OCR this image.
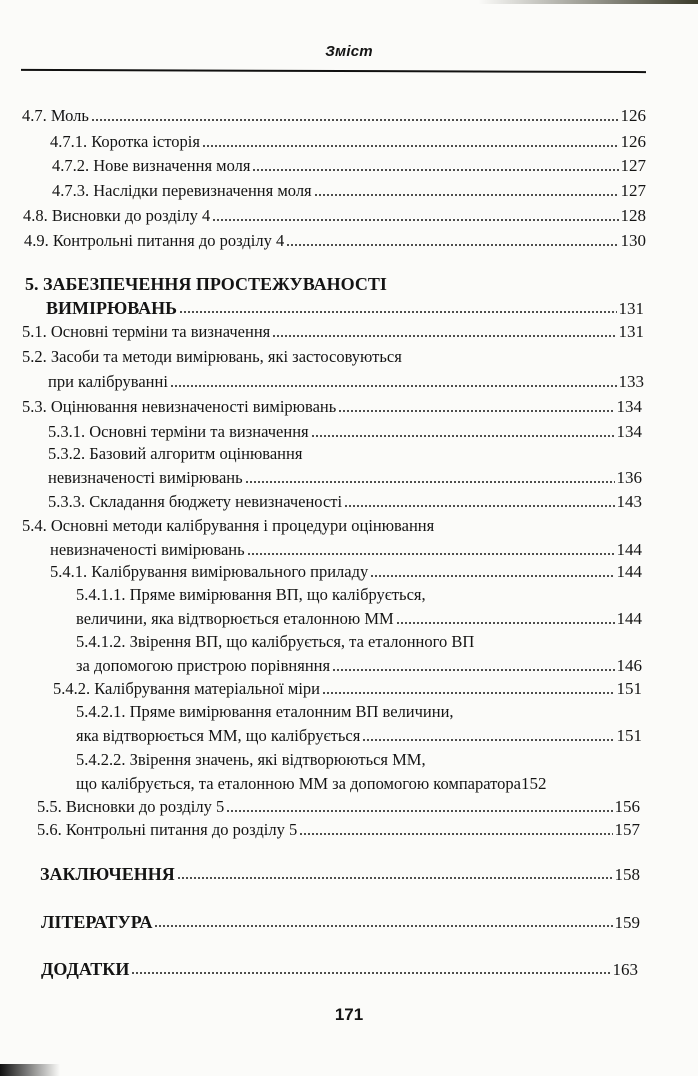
Зміст
4.7. Моль	126
4.7.1. Коротка історія	126
4.7.2. Нове визначення моля	127
4.7.3. Наслідки перевизначення моля	127
4.8. Висновки до розділу 4	128
4.9. Контрольні питання до розділу 4	130
5. ЗАБЕЗПЕЧЕННЯ ПРОСТЕЖУВАНОСТІ
ВИМІРЮВАНЬ	131
5.1. Основні терміни та визначення	131
5.2. Засоби та методи вимірювань, які застосовуються
при калібруванні	133
5.3. Оцінювання невизначеності вимірювань	134
5.3.1. Основні терміни та визначення	134
5.3.2. Базовий алгоритм оцінювання
невизначеності вимірювань	136
5.3.3. Складання бюджету невизначеності	143
5.4. Основні методи калібрування і процедури оцінювання
невизначеності вимірювань	144
5.4.1. Калібрування вимірювального приладу	144
5.4.1.1. Пряме вимірювання ВП, що калібрується,
величини, яка відтворюється еталонною ММ	144
5.4.1.2. Звірення ВП, що калібрується, та еталонного ВП
за допомогою пристрою порівняння	146
5.4.2. Калібрування матеріальної міри	151
5.4.2.1. Пряме вимірювання еталонним ВП величини,
яка відтворюється ММ, що калібрується	151
5.4.2.2. Звірення значень, які відтворюються ММ,
що калібрується, та еталонною ММ за допомогою компаратора 152
5.5. Висновки до розділу 5	156
5.6. Контрольні питання до розділу 5	157
ЗАКЛЮЧЕННЯ	158
ЛІТЕРАТУРА	159
ДОДАТКИ	163
171
